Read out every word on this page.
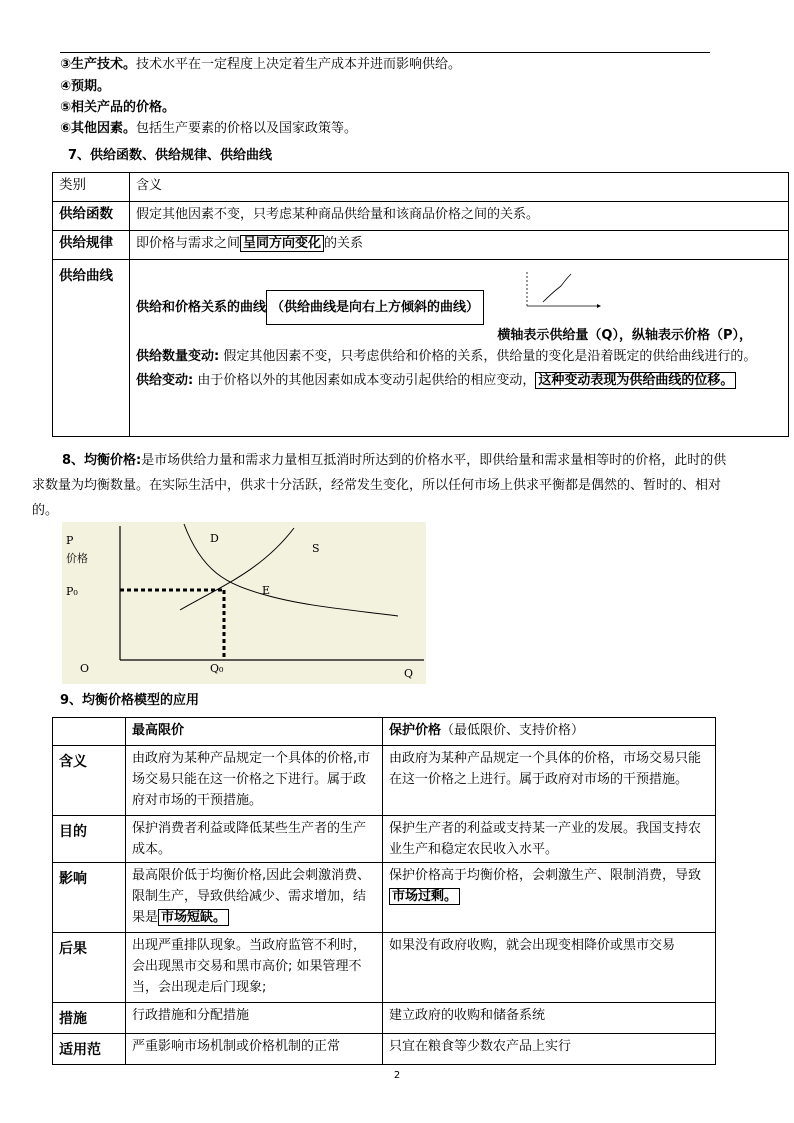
③生产技术。技术水平在一定程度上决定着生产成本并进而影响供给。
④预期。
⑤相关产品的价格。
⑥其他因素。包括生产要素的价格以及国家政策等。
7、供给函数、供给规律、供给曲线
类别	含义
供给函数	假定其他因素不变，只考虑某种商品供给量和该商品价格之间的关系。
供给规律	即价格与需求之间 呈同方向变化 的关系
供给曲线	供给和价格关系的曲线 （供给曲线是向右上方倾斜的曲线）
横轴表示供给量（Q），纵轴表示价格（P），
供给数量变动: 假定其他因素不变，只考虑供给和价格的关系，供给量的变化是沿着既定的供给曲线进行的。
供给变动: 由于价格以外的其他因素如成本变动引起供给的相应变动， 这种变动表现为供给曲线的位移。
8、均衡价格:是市场供给力量和需求力量相互抵消时所达到的价格水平，即供给量和需求量相等时的价格，此时的供求数量为均衡数量。在实际生活中，供求十分活跃，经常发生变化，所以任何市场上供求平衡都是偶然的、暂时的、相对的。
P
价格
P₀
O	Q₀	Q
D
S
E
9、均衡价格模型的应用
	最高限价	保护价格（最低限价、支持价格）
含义	由政府为某种产品规定一个具体的价格,市场交易只能在这一价格之下进行。属于政府对市场的干预措施。	由政府为某种产品规定一个具体的价格，市场交易只能在这一价格之上进行。属于政府对市场的干预措施。
目的	保护消费者利益或降低某些生产者的生产成本。	保护生产者的利益或支持某一产业的发展。我国支持农业生产和稳定农民收入水平。
影响	最高限价低于均衡价格,因此会刺激消费、限制生产，导致供给减少、需求增加，结果是 市场短缺。	保护价格高于均衡价格，会刺激生产、限制消费，导致市场过剩。
后果	出现严重排队现象。当政府监管不利时，会出现黑市交易和黑市高价; 如果管理不当，会出现走后门现象;	如果没有政府收购，就会出现变相降价或黑市交易
措施	行政措施和分配措施	建立政府的收购和储备系统
适用范	严重影响市场机制或价格机制的正常	只宜在粮食等少数农产品上实行
2
